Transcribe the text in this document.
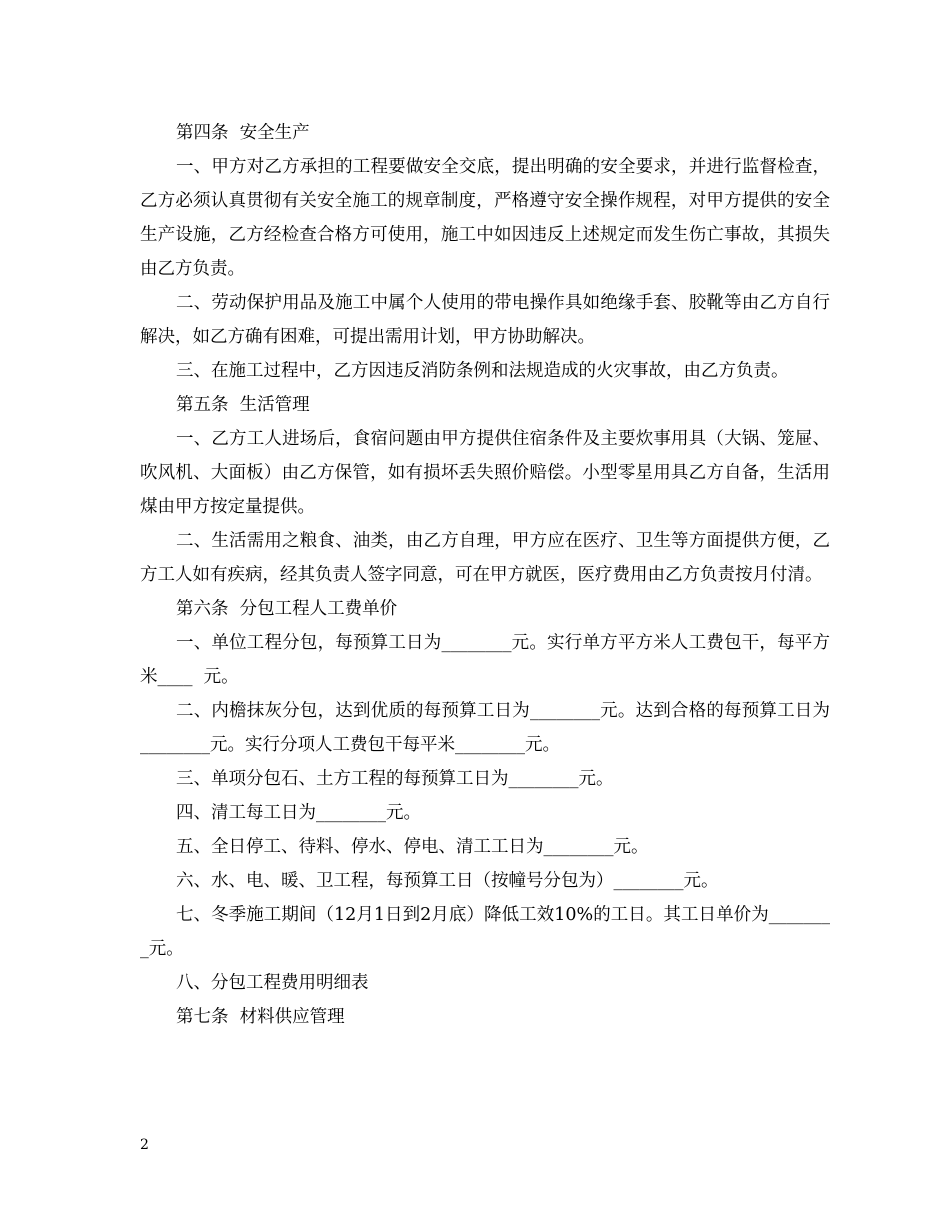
第四条  安全生产

一、甲方对乙方承担的工程要做安全交底，提出明确的安全要求，并进行监督检查，乙方必须认真贯彻有关安全施工的规章制度，严格遵守安全操作规程，对甲方提供的安全生产设施，乙方经检查合格方可使用，施工中如因违反上述规定而发生伤亡事故，其损失由乙方负责。

二、劳动保护用品及施工中属个人使用的带电操作具如绝缘手套、胶靴等由乙方自行解决，如乙方确有困难，可提出需用计划，甲方协助解决。

三、在施工过程中，乙方因违反消防条例和法规造成的火灾事故，由乙方负责。

第五条  生活管理

一、乙方工人进场后，食宿问题由甲方提供住宿条件及主要炊事用具（大锅、笼屉、吹风机、大面板）由乙方保管，如有损坏丢失照价赔偿。小型零星用具乙方自备，生活用煤由甲方按定量提供。

二、生活需用之粮食、油类，由乙方自理，甲方应在医疗、卫生等方面提供方便，乙方工人如有疾病，经其负责人签字同意，可在甲方就医，医疗费用由乙方负责按月付清。

第六条  分包工程人工费单价

一、单位工程分包，每预算工日为________元。实行单方平方米人工费包干，每平方米____  元。

二、内檐抹灰分包，达到优质的每预算工日为________元。达到合格的每预算工日为________元。实行分项人工费包干每平米________元。

三、单项分包石、土方工程的每预算工日为________元。

四、清工每工日为________元。

五、全日停工、待料、停水、停电、清工工日为________元。

六、水、电、暖、卫工程，每预算工日（按幢号分包为）________元。

七、冬季施工期间（12月1日到2月底）降低工效10%的工日。其工日单价为________元。

八、分包工程费用明细表

第七条  材料供应管理

2
